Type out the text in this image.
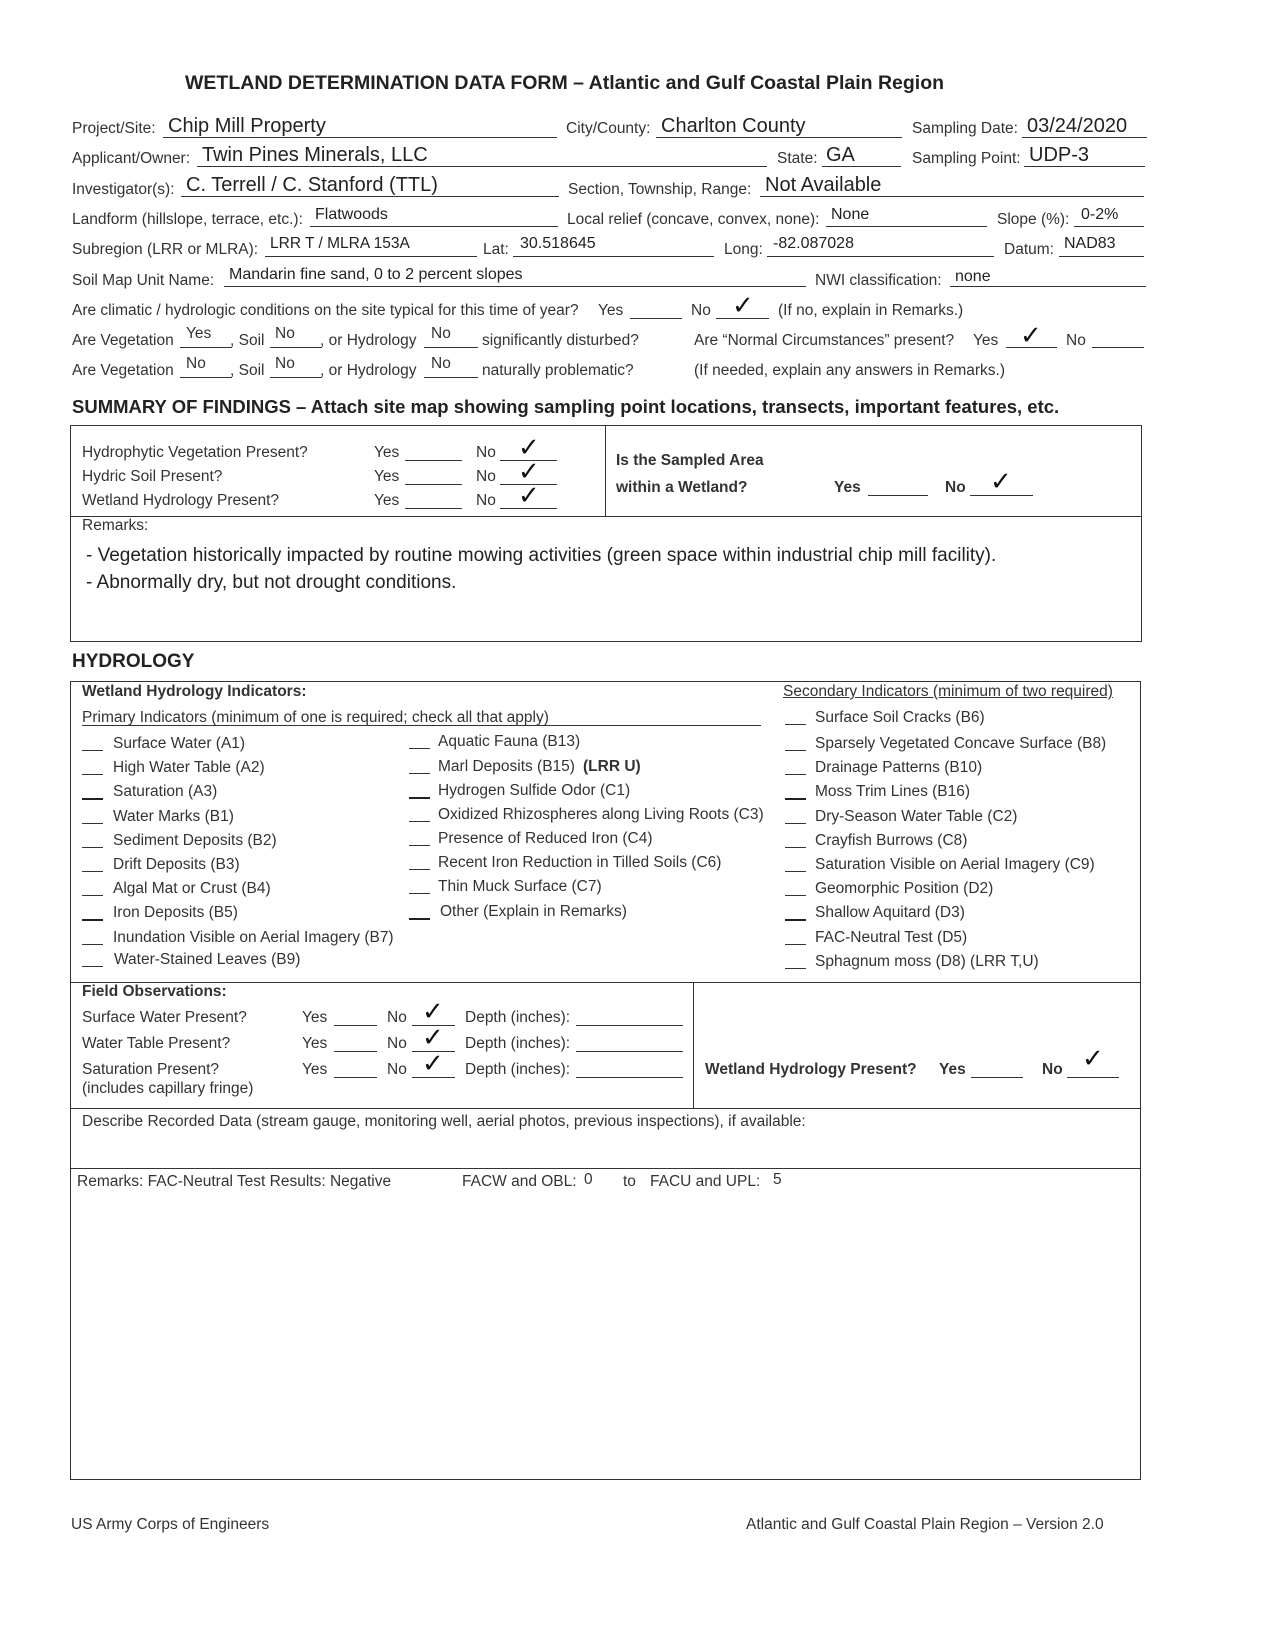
WETLAND DETERMINATION DATA FORM – Atlantic and Gulf Coastal Plain Region
Project/Site: Chip Mill Property	City/County: Charlton County	Sampling Date: 03/24/2020
Applicant/Owner: Twin Pines Minerals, LLC	State: GA	Sampling Point: UDP-3
Investigator(s): C. Terrell / C. Stanford (TTL)	Section, Township, Range: Not Available
Landform (hillslope, terrace, etc.): Flatwoods	Local relief (concave, convex, none): None	Slope (%): 0-2%
Subregion (LRR or MLRA): LRR T / MLRA 153A	Lat: 30.518645	Long: -82.087028	Datum: NAD83
Soil Map Unit Name: Mandarin fine sand, 0 to 2 percent slopes	NWI classification: none
Are climatic / hydrologic conditions on the site typical for this time of year? Yes	No ✓ (If no, explain in Remarks.)
Are Vegetation Yes , Soil No , or Hydrology No significantly disturbed?	Are “Normal Circumstances” present? Yes ✓ No
Are Vegetation No , Soil No , or Hydrology No naturally problematic?	(If needed, explain any answers in Remarks.)
SUMMARY OF FINDINGS – Attach site map showing sampling point locations, transects, important features, etc.
Hydrophytic Vegetation Present?	Yes	No ✓
Hydric Soil Present?	Yes	No ✓
Wetland Hydrology Present?	Yes	No ✓
Is the Sampled Area
within a Wetland?	Yes	No ✓
Remarks:
- Vegetation historically impacted by routine mowing activities (green space within industrial chip mill facility).
- Abnormally dry, but not drought conditions.
HYDROLOGY
Wetland Hydrology Indicators:	Secondary Indicators (minimum of two required)
Primary Indicators (minimum of one is required; check all that apply)
Surface Water (A1)
High Water Table (A2)
Saturation (A3)
Water Marks (B1)
Sediment Deposits (B2)
Drift Deposits (B3)
Algal Mat or Crust (B4)
Iron Deposits (B5)
Inundation Visible on Aerial Imagery (B7)
Water-Stained Leaves (B9)
Aquatic Fauna (B13)
Marl Deposits (B15) (LRR U)
Hydrogen Sulfide Odor (C1)
Oxidized Rhizospheres along Living Roots (C3)
Presence of Reduced Iron (C4)
Recent Iron Reduction in Tilled Soils (C6)
Thin Muck Surface (C7)
Other (Explain in Remarks)
Surface Soil Cracks (B6)
Sparsely Vegetated Concave Surface (B8)
Drainage Patterns (B10)
Moss Trim Lines (B16)
Dry-Season Water Table (C2)
Crayfish Burrows (C8)
Saturation Visible on Aerial Imagery (C9)
Geomorphic Position (D2)
Shallow Aquitard (D3)
FAC-Neutral Test (D5)
Sphagnum moss (D8) (LRR T,U)
Field Observations:
Surface Water Present?	Yes	No ✓ Depth (inches):
Water Table Present?	Yes	No ✓ Depth (inches):
Saturation Present?
(includes capillary fringe)
Yes	No ✓ Depth (inches):	Wetland Hydrology Present? Yes	No ✓
Describe Recorded Data (stream gauge, monitoring well, aerial photos, previous inspections), if available:
Remarks: FAC-Neutral Test Results: Negative	FACW and OBL: 0 to FACU and UPL: 5
US Army Corps of Engineers	Atlantic and Gulf Coastal Plain Region – Version 2.0
